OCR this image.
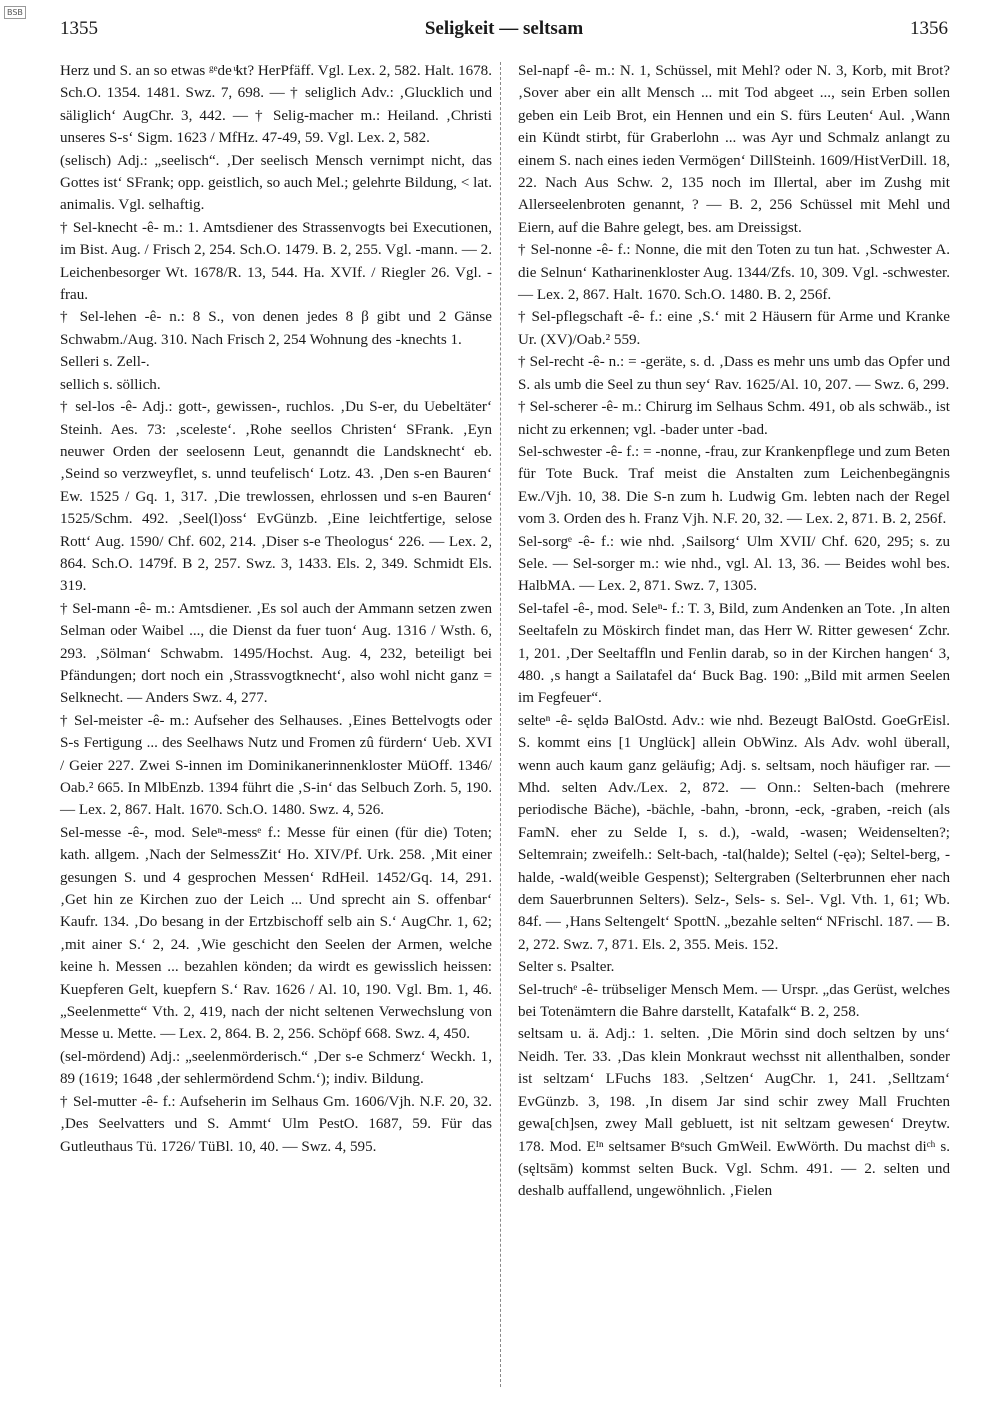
BSB
1355	Seligkeit — seltsam	1356

Herz und S. an so etwas ᵍᵉde ͧkt? HerPfäff. Vgl. Lex. 2, 582. Halt. 1678. Sch.O. 1354. 1481. Swz. 7, 698. — † seliglich Adv.: ‚Glucklich und säliglich‘ AugChr. 3, 442. — † Selig-macher m.: Heiland. ‚Christi unseres S-s‘ Sigm. 1623 / MfHz. 47-49, 59. Vgl. Lex. 2, 582.

(selisch) Adj.: „seelisch“. ‚Der seelisch Mensch vernimpt nicht, das Gottes ist‘ SFrank; opp. geistlich, so auch Mel.; gelehrte Bildung, < lat. animalis. Vgl. selhaftig.

† Sel-knecht -ê- m.: 1. Amtsdiener des Strassenvogts bei Executionen, im Bist. Aug. / Frisch 2, 254. Sch.O. 1479. B. 2, 255. Vgl. -mann. — 2. Leichenbesorger Wt. 1678/R. 13, 544. Ha. XVIf. / Riegler 26. Vgl. -frau.

† Sel-lehen -ê- n.: 8 S., von denen jedes 8 β gibt und 2 Gänse Schwabm./Aug. 310. Nach Frisch 2, 254 Wohnung des -knechts 1.

Selleri s. Zell-.

sellich s. söllich.

† sel-los -ê- Adj.: gott-, gewissen-, ruchlos. ‚Du S-er, du Uebeltäter‘ Steinh. Aes. 73: ‚sceleste‘. ‚Rohe seellos Christen‘ SFrank. ‚Eyn neuwer Orden der seelosenn Leut, genanndt die Landsknecht‘ eb. ‚Seind so verzweyflet, s. unnd teufelisch‘ Lotz. 43. ‚Den s-en Bauren‘ Ew. 1525 / Gq. 1, 317. ‚Die trewlossen, ehrlossen und s-en Bauren‘ 1525/Schm. 492. ‚Seel(l)oss‘ EvGünzb. ‚Eine leichtfertige, selose Rott‘ Aug. 1590/ Chf. 602, 214. ‚Diser s-e Theologus‘ 226. — Lex. 2, 864. Sch.O. 1479f. B 2, 257. Swz. 3, 1433. Els. 2, 349. Schmidt Els. 319.

† Sel-mann -ê- m.: Amtsdiener. ‚Es sol auch der Ammann setzen zwen Selman oder Waibel ..., die Dienst da fuer tuon‘ Aug. 1316 / Wsth. 6, 293. ‚Sölman‘ Schwabm. 1495/Hochst. Aug. 4, 232, beteiligt bei Pfändungen; dort noch ein ‚Strassvogtknecht‘, also wohl nicht ganz = Selknecht. — Anders Swz. 4, 277.

† Sel-meister -ê- m.: Aufseher des Selhauses. ‚Eines Bettelvogts oder S-s Fertigung ... des Seelhaws Nutz und Fromen zû fürdern‘ Ueb. XVI / Geier 227. Zwei S-innen im Dominikanerinnenkloster MüOff. 1346/ Oab.² 665. In MlbEnzb. 1394 führt die ‚S-in‘ das Selbuch Zorh. 5, 190. — Lex. 2, 867. Halt. 1670. Sch.O. 1480. Swz. 4, 526.

Sel-messe -ê-, mod. Seleⁿ-messᵉ f.: Messe für einen (für die) Toten; kath. allgem. ‚Nach der SelmessZit‘ Ho. XIV/Pf. Urk. 258. ‚Mit einer gesungen S. und 4 gesprochen Messen‘ RdHeil. 1452/Gq. 14, 291. ‚Get hin ze Kirchen zuo der Leich ... Und sprecht ain S. offenbar‘ Kaufr. 134. ‚Do besang in der Ertzbischoff selb ain S.‘ AugChr. 1, 62; ‚mit ainer S.‘ 2, 24. ‚Wie geschicht den Seelen der Armen, welche keine h. Messen ... bezahlen könden; da wirdt es gewisslich heissen: Kuepferen Gelt, kuepfern S.‘ Rav. 1626 / Al. 10, 190. Vgl. Bm. 1, 46. „Seelenmette“ Vth. 2, 419, nach der nicht seltenen Verwechslung von Messe u. Mette. — Lex. 2, 864. B. 2, 256. Schöpf 668. Swz. 4, 450.

(sel-mördend) Adj.: „seelenmörderisch.“ ‚Der s-e Schmerz‘ Weckh. 1, 89 (1619; 1648 ‚der sehlermördend Schm.‘); indiv. Bildung.

† Sel-mutter -ê- f.: Aufseherin im Selhaus Gm. 1606/Vjh. N.F. 20, 32. ‚Des Seelvatters und S. Ammt‘ Ulm PestO. 1687, 59. Für das Gutleuthaus Tü. 1726/ TüBl. 10, 40. — Swz. 4, 595.

Sel-napf -ê- m.: N. 1, Schüssel, mit Mehl? oder N. 3, Korb, mit Brot? ‚Sover aber ein allt Mensch ... mit Tod abgeet ..., sein Erben sollen geben ein Leib Brot, ein Hennen und ein S. fürs Leuten‘ Aul. ‚Wann ein Kündt stirbt, für Graberlohn ... was Ayr und Schmalz anlangt zu einem S. nach eines ieden Vermögen‘ DillSteinh. 1609/HistVerDill. 18, 22. Nach Aus Schw. 2, 135 noch im Illertal, aber im Zushg mit Allerseelenbroten genannt, ? — B. 2, 256 Schüssel mit Mehl und Eiern, auf die Bahre gelegt, bes. am Dreissigst.

† Sel-nonne -ê- f.: Nonne, die mit den Toten zu tun hat. ‚Schwester A. die Selnun‘ Katharinenkloster Aug. 1344/Zfs. 10, 309. Vgl. -schwester. — Lex. 2, 867. Halt. 1670. Sch.O. 1480. B. 2, 256f.

† Sel-pflegschaft -ê- f.: eine ‚S.‘ mit 2 Häusern für Arme und Kranke Ur. (XV)/Oab.² 559.

† Sel-recht -ê- n.: = -geräte, s. d. ‚Dass es mehr uns umb das Opfer und S. als umb die Seel zu thun sey‘ Rav. 1625/Al. 10, 207. — Swz. 6, 299.

† Sel-scherer -ê- m.: Chirurg im Selhaus Schm. 491, ob als schwäb., ist nicht zu erkennen; vgl. -bader unter -bad.

Sel-schwester -ê- f.: = -nonne, -frau, zur Krankenpflege und zum Beten für Tote Buck. Traf meist die Anstalten zum Leichenbegängnis Ew./Vjh. 10, 38. Die S-n zum h. Ludwig Gm. lebten nach der Regel vom 3. Orden des h. Franz Vjh. N.F. 20, 32. — Lex. 2, 871. B. 2, 256f.

Sel-sorgᵉ -ê- f.: wie nhd. ‚Sailsorg‘ Ulm XVII/ Chf. 620, 295; s. zu Sele. — Sel-sorger m.: wie nhd., vgl. Al. 13, 36. — Beides wohl bes. HalbMA. — Lex. 2, 871. Swz. 7, 1305.

Sel-tafel -ê-, mod. Seleⁿ- f.: T. 3, Bild, zum Andenken an Tote. ‚In alten Seeltafeln zu Möskirch findet man, das Herr W. Ritter gewesen‘ Zchr. 1, 201. ‚Der Seeltaffln und Fenlin darab, so in der Kirchen hangen‘ 3, 480. ‚s hangt a Sailatafel da‘ Buck Bag. 190: „Bild mit armen Seelen im Fegfeuer“.

selteⁿ -ê- sęldə BalOstd. Adv.: wie nhd. Bezeugt BalOstd. GoeGrEisl. S. kommt eins [1 Unglück] allein ObWinz. Als Adv. wohl überall, wenn auch kaum ganz geläufig; Adj. s. seltsam, noch häufiger rar. — Mhd. selten Adv./Lex. 2, 872. — Onn.: Selten-bach (mehrere periodische Bäche), -bächle, -bahn, -bronn, -eck, -graben, -reich (als FamN. eher zu Selde I, s. d.), -wald, -wasen; Weidenselten?; Seltemrain; zweifelh.: Selt-bach, -tal(halde); Seltel (-ęə); Seltel-berg, -halde, -wald(weible Gespenst); Seltergraben (Selterbrunnen eher nach dem Sauerbrunnen Selters). Selz-, Sels- s. Sel-. Vgl. Vth. 1, 61; Wb. 84f. — ‚Hans Seltengelt‘ SpottN. „bezahle selten“ NFrischl. 187. — B. 2, 272. Swz. 7, 871. Els. 2, 355. Meis. 152.

Selter s. Psalter.

Sel-truchᵉ -ê- trübseliger Mensch Mem. — Urspr. „das Gerüst, welches bei Totenämtern die Bahre darstellt, Katafalk“ B. 2, 258.

seltsam u. ä. Adj.: 1. selten. ‚Die Mōrin sind doch seltzen by uns‘ Neidh. Ter. 33. ‚Das klein Monkraut wechsst nit allenthalben, sonder ist seltzam‘ LFuchs 183. ‚Seltzen‘ AugChr. 1, 241. ‚Selltzam‘ EvGünzb. 3, 198. ‚In disem Jar sind schir zwey Mall Fruchten gewa[ch]sen, zwey Mall gebluett, ist nit seltzam gewesen‘ Dreytw. 178. Mod. Eᴵⁿ seltsamer Bᵉsuch GmWeil. EwWörth. Du machst diᶜʰ s. (sęltsām) kommst selten Buck. Vgl. Schm. 491. — 2. selten und deshalb auffallend, ungewöhnlich. ‚Fielen
